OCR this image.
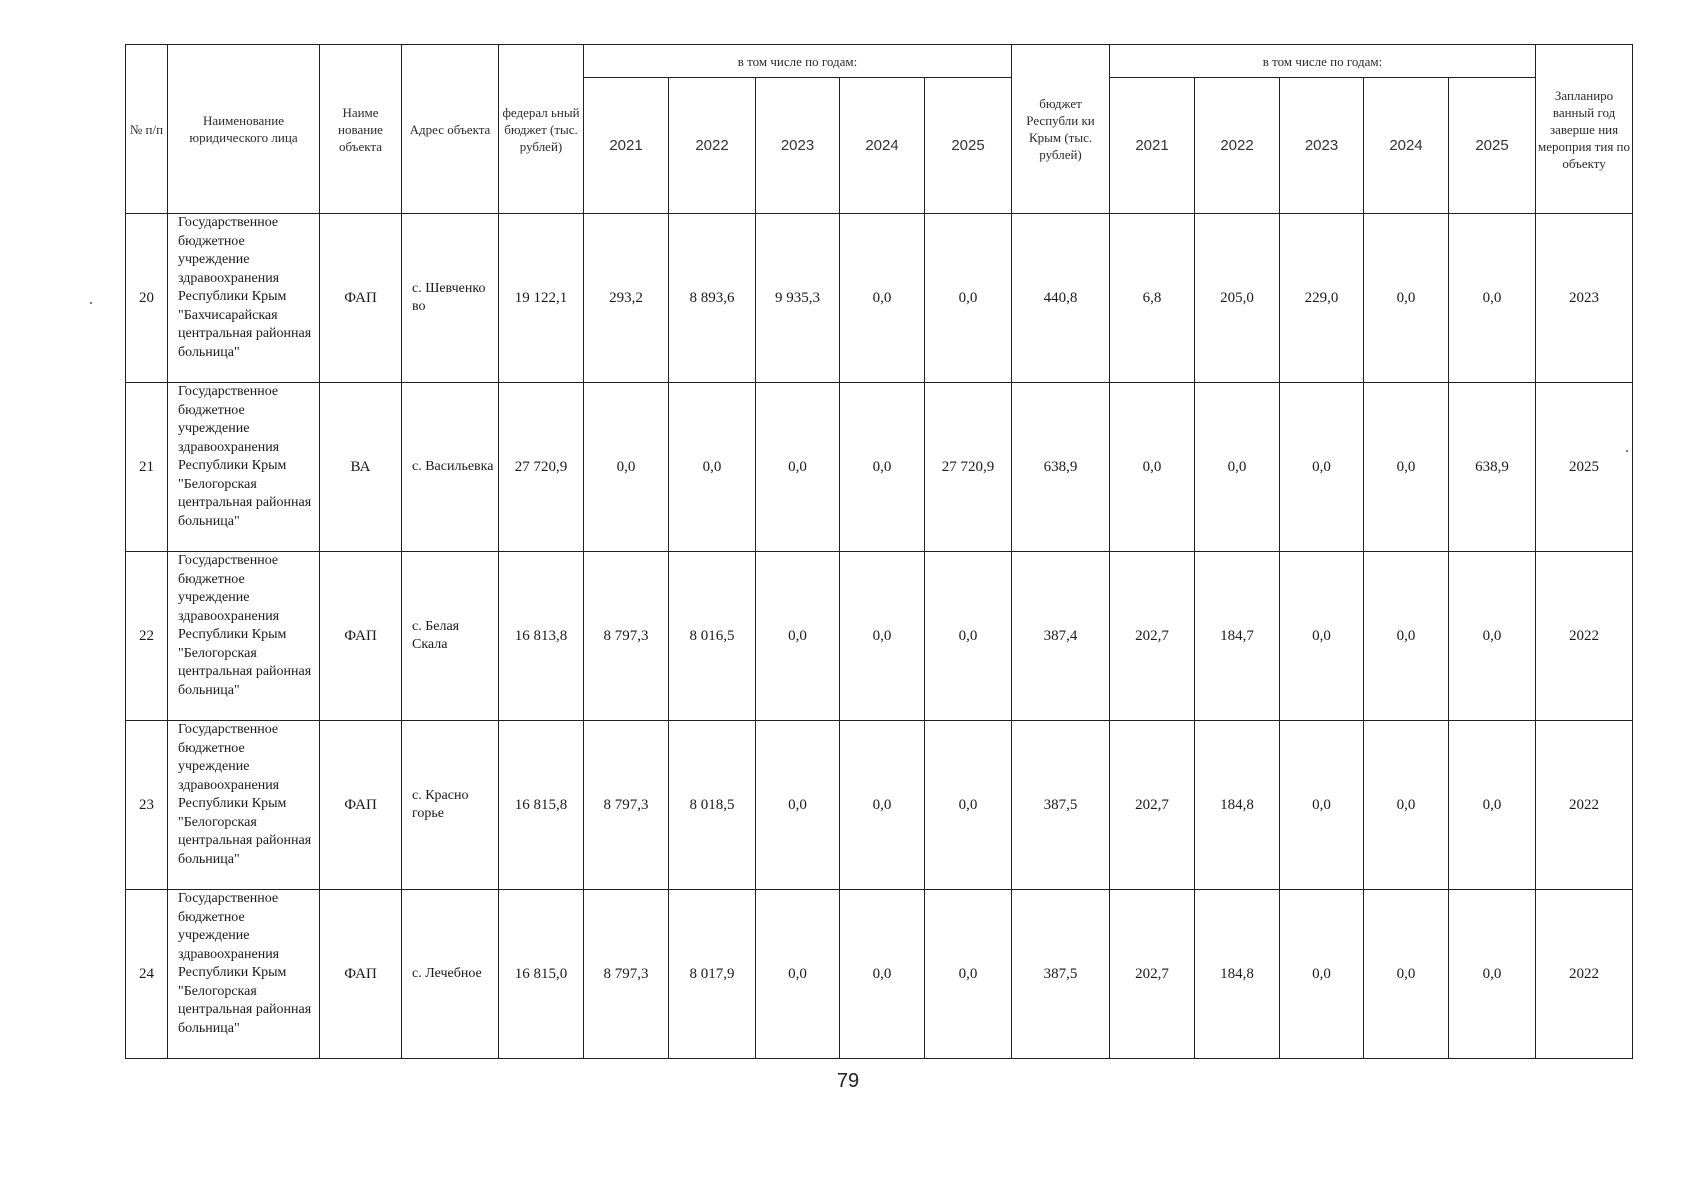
№ п/п	Наименование юридического лица	Наиме нование объекта	Адрес объекта	федерал ьный бюджет (тыс. рублей)	в том числе по годам:					бюджет Республи ки Крым (тыс. рублей)	в том числе по годам:					Запланиро ванный год заверше ния мероприя тия по объекту
					2021	2022	2023	2024	2025		2021	2022	2023	2024	2025	
20	Государственное бюджетное учреждение здравоохранения Республики Крым "Бахчисарайская центральная районная больница"	ФАП	с. Шевченко во	19 122,1	293,2	8 893,6	9 935,3	0,0	0,0	440,8	6,8	205,0	229,0	0,0	0,0	2023
21	Государственное бюджетное учреждение здравоохранения Республики Крым "Белогорская центральная районная больница"	ВА	с. Васильевка	27 720,9	0,0	0,0	0,0	0,0	27 720,9	638,9	0,0	0,0	0,0	0,0	638,9	2025
22	Государственное бюджетное учреждение здравоохранения Республики Крым "Белогорская центральная районная больница"	ФАП	с. Белая Скала	16 813,8	8 797,3	8 016,5	0,0	0,0	0,0	387,4	202,7	184,7	0,0	0,0	0,0	2022
23	Государственное бюджетное учреждение здравоохранения Республики Крым "Белогорская центральная районная больница"	ФАП	с. Красно горье	16 815,8	8 797,3	8 018,5	0,0	0,0	0,0	387,5	202,7	184,8	0,0	0,0	0,0	2022
24	Государственное бюджетное учреждение здравоохранения Республики Крым "Белогорская центральная районная больница"	ФАП	с. Лечебное	16 815,0	8 797,3	8 017,9	0,0	0,0	0,0	387,5	202,7	184,8	0,0	0,0	0,0	2022
79
